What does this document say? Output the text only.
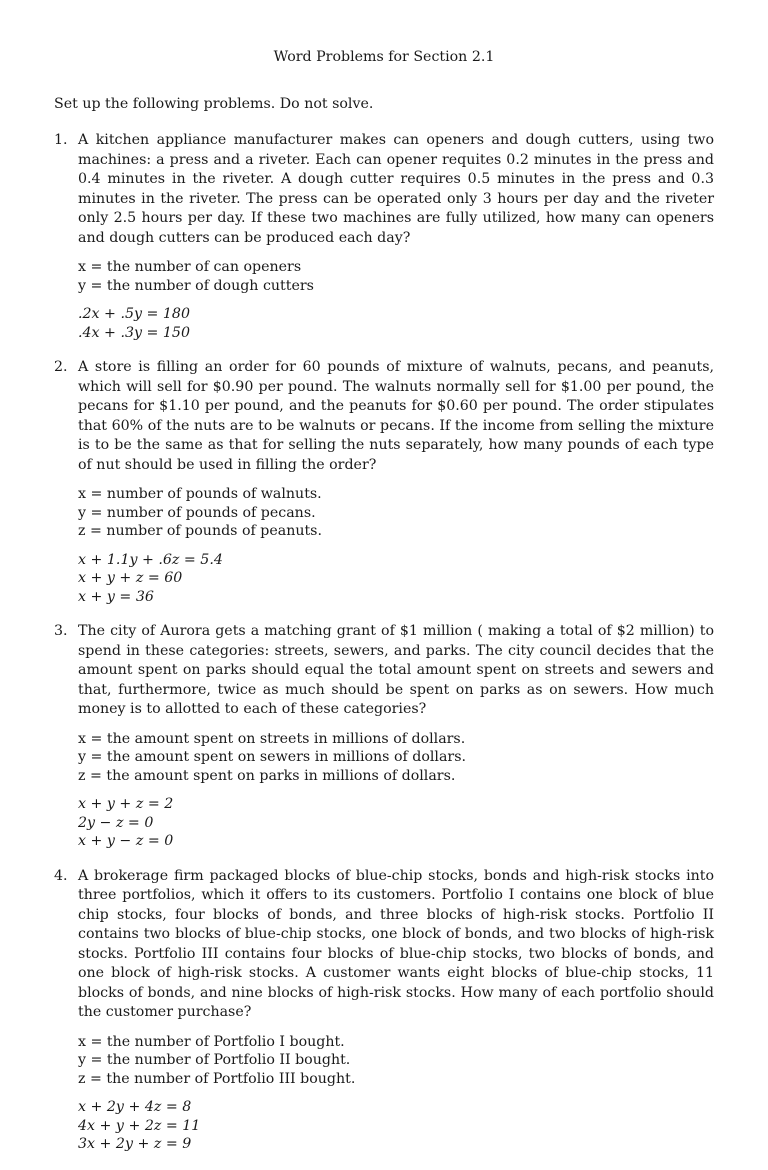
Word Problems for Section 2.1
Set up the following problems. Do not solve.
1. A kitchen appliance manufacturer makes can openers and dough cutters, using two machines: a press and a riveter. Each can opener requites 0.2 minutes in the press and 0.4 minutes in the riveter. A dough cutter requires 0.5 minutes in the press and 0.3 minutes in the riveter. The press can be operated only 3 hours per day and the riveter only 2.5 hours per day. If these two machines are fully utilized, how many can openers and dough cutters can be produced each day?

x = the number of can openers
y = the number of dough cutters
.2x + .5y = 180
.4x + .3y = 150
2. A store is filling an order for 60 pounds of mixture of walnuts, pecans, and peanuts, which will sell for $0.90 per pound. The walnuts normally sell for $1.00 per pound, the pecans for $1.10 per pound, and the peanuts for $0.60 per pound. The order stipulates that 60% of the nuts are to be walnuts or pecans. If the income from selling the mixture is to be the same as that for selling the nuts separately, how many pounds of each type of nut should be used in filling the order?

x = number of pounds of walnuts.
y = number of pounds of pecans.
z = number of pounds of peanuts.
x + 1.1y + .6z = 5.4
x + y + z = 60
x + y = 36
3. The city of Aurora gets a matching grant of $1 million ( making a total of $2 million) to spend in these categories: streets, sewers, and parks. The city council decides that the amount spent on parks should equal the total amount spent on streets and sewers and that, furthermore, twice as much should be spent on parks as on sewers. How much money is to allotted to each of these categories?

x = the amount spent on streets in millions of dollars.
y = the amount spent on sewers in millions of dollars.
z = the amount spent on parks in millions of dollars.
x + y + z = 2
2y − z = 0
x + y − z = 0
4. A brokerage firm packaged blocks of blue-chip stocks, bonds and high-risk stocks into three portfolios, which it offers to its customers. Portfolio I contains one block of blue chip stocks, four blocks of bonds, and three blocks of high-risk stocks. Portfolio II contains two blocks of blue-chip stocks, one block of bonds, and two blocks of high-risk stocks. Portfolio III contains four blocks of blue-chip stocks, two blocks of bonds, and one block of high-risk stocks. A customer wants eight blocks of blue-chip stocks, 11 blocks of bonds, and nine blocks of high-risk stocks. How many of each portfolio should the customer purchase?

x = the number of Portfolio I bought.
y = the number of Portfolio II bought.
z = the number of Portfolio III bought.
x + 2y + 4z = 8
4x + y + 2z = 11
3x + 2y + z = 9
